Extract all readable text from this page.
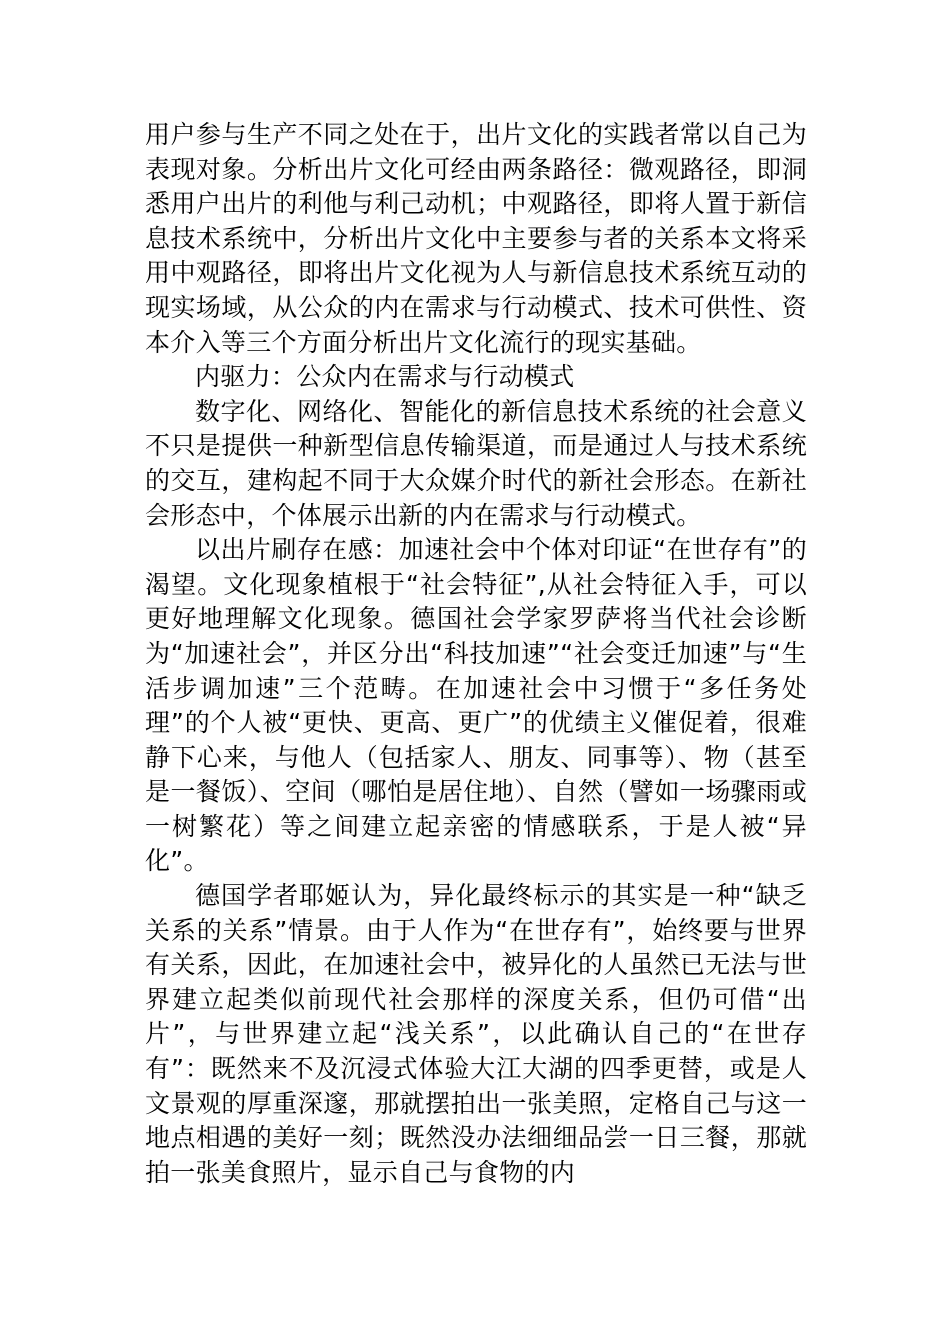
用户参与生产不同之处在于，出片文化的实践者常以自己为表现对象。分析出片文化可经由两条路径：微观路径，即洞悉用户出片的利他与利己动机；中观路径，即将人置于新信息技术系统中，分析出片文化中主要参与者的关系本文将采用中观路径，即将出片文化视为人与新信息技术系统互动的现实场域，从公众的内在需求与行动模式、技术可供性、资本介入等三个方面分析出片文化流行的现实基础。

内驱力：公众内在需求与行动模式

数字化、网络化、智能化的新信息技术系统的社会意义不只是提供一种新型信息传输渠道，而是通过人与技术系统的交互，建构起不同于大众媒介时代的新社会形态。在新社会形态中，个体展示出新的内在需求与行动模式。

以出片刷存在感：加速社会中个体对印证“在世存有”的渴望。文化现象植根于“社会特征”,从社会特征入手，可以更好地理解文化现象。德国社会学家罗萨将当代社会诊断为“加速社会”，并区分出“科技加速”“社会变迁加速”与“生活步调加速”三个范畴。在加速社会中习惯于“多任务处理”的个人被“更快、更高、更广”的优绩主义催促着，很难静下心来，与他人（包括家人、朋友、同事等）、物（甚至是一餐饭）、空间（哪怕是居住地）、自然（譬如一场骤雨或一树繁花）等之间建立起亲密的情感联系，于是人被“异化”。

德国学者耶姬认为，异化最终标示的其实是一种“缺乏关系的关系”情景。由于人作为“在世存有”，始终要与世界有关系，因此，在加速社会中，被异化的人虽然已无法与世界建立起类似前现代社会那样的深度关系，但仍可借“出片”，与世界建立起“浅关系”，以此确认自己的“在世存有”：既然来不及沉浸式体验大江大湖的四季更替，或是人文景观的厚重深邃，那就摆拍出一张美照，定格自己与这一地点相遇的美好一刻；既然没办法细细品尝一日三餐，那就拍一张美食照片，显示自己与食物的内
